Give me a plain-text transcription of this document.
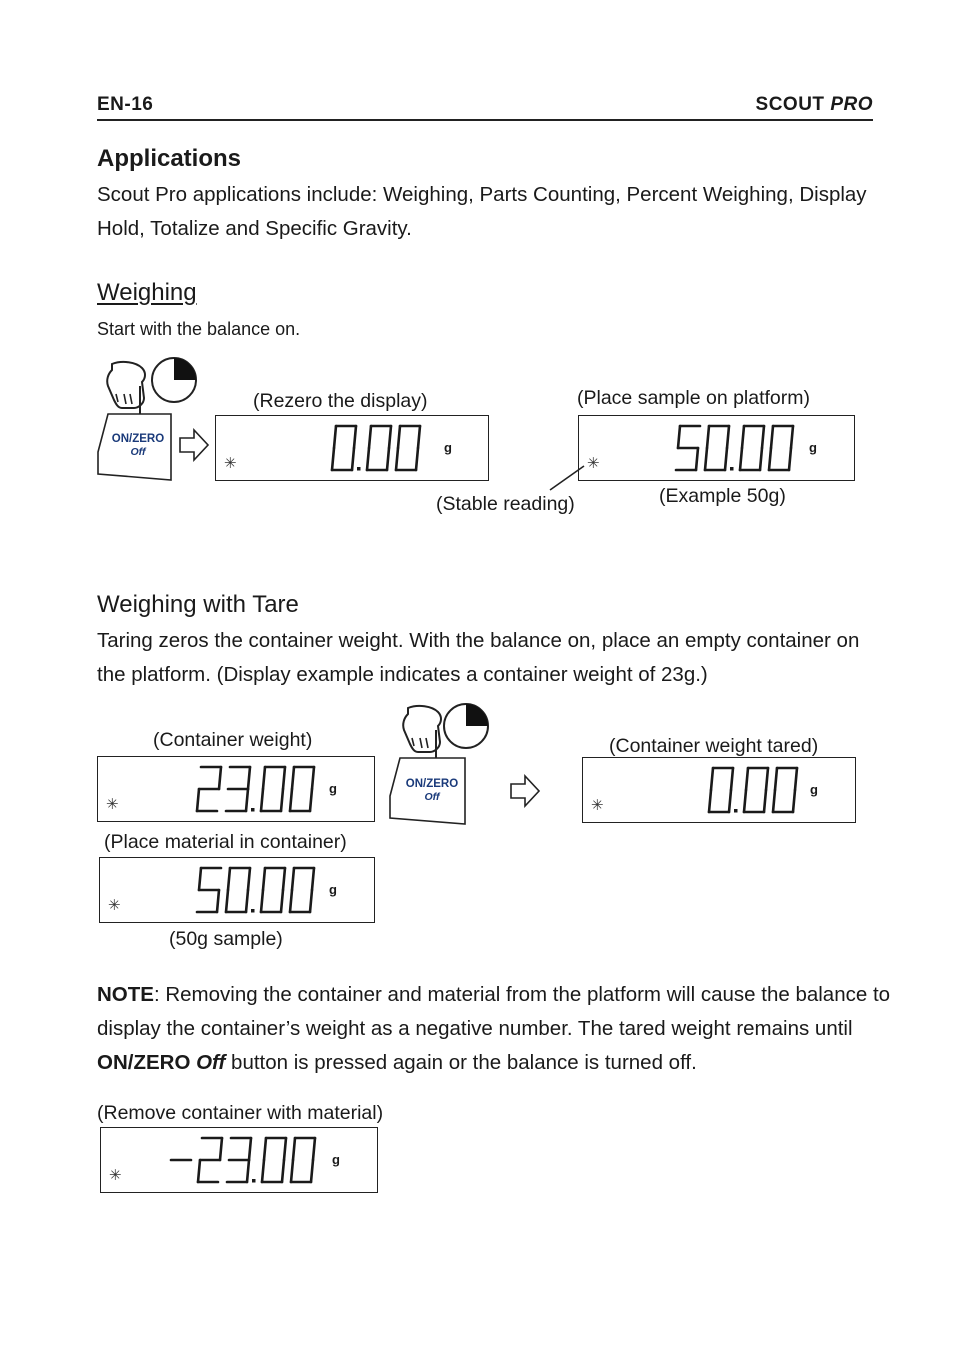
EN-16	SCOUT PRO
Applications
Scout Pro applications include: Weighing, Parts Counting, Percent Weighing, Display
Hold, Totalize and Specific Gravity.
Weighing
Start with the balance on.
ON/ZERO
Off
(Rezero the display)
✳
g
(Place sample on platform)
✳
g
(Stable reading)	(Example 50g)
Weighing with Tare
Taring zeros the container weight. With the balance on, place an empty container on
the platform. (Display example indicates a container weight of 23g.)
(Container weight)
✳
g	ON/ZERO
Off
(Container weight tared)
✳
g
(Place material in container)
✳
g
(50g sample)
NOTE: Removing the container and material from the platform will cause the balance to
display the container’s weight as a negative number. The tared weight remains until
ON/ZERO Off button is pressed again or the balance is turned off.
(Remove container with material)
✳
g
